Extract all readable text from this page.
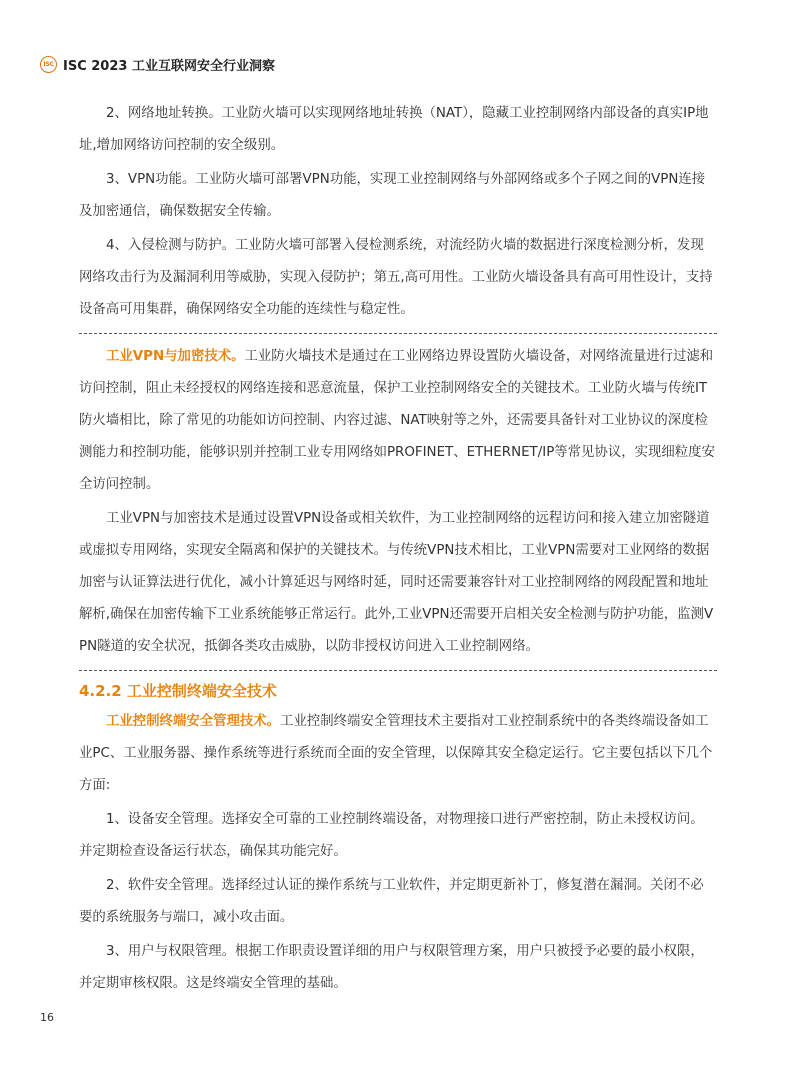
ISC ISC 2023 工业互联网安全行业洞察

2、网络地址转换。工业防火墙可以实现网络地址转换（NAT），隐藏工业控制网络内部设备的真实IP地址,增加网络访问控制的安全级别。

3、VPN功能。工业防火墙可部署VPN功能，实现工业控制网络与外部网络或多个子网之间的VPN连接及加密通信，确保数据安全传输。

4、入侵检测与防护。工业防火墙可部署入侵检测系统，对流经防火墙的数据进行深度检测分析，发现网络攻击行为及漏洞利用等威胁，实现入侵防护；第五,高可用性。工业防火墙设备具有高可用性设计，支持设备高可用集群，确保网络安全功能的连续性与稳定性。

工业VPN与加密技术。工业防火墙技术是通过在工业网络边界设置防火墙设备，对网络流量进行过滤和访问控制，阻止未经授权的网络连接和恶意流量，保护工业控制网络安全的关键技术。工业防火墙与传统IT防火墙相比，除了常见的功能如访问控制、内容过滤、NAT映射等之外，还需要具备针对工业协议的深度检测能力和控制功能，能够识别并控制工业专用网络如PROFINET、ETHERNET/IP等常见协议，实现细粒度安全访问控制。

工业VPN与加密技术是通过设置VPN设备或相关软件，为工业控制网络的远程访问和接入建立加密隧道或虚拟专用网络，实现安全隔离和保护的关键技术。与传统VPN技术相比，工业VPN需要对工业网络的数据加密与认证算法进行优化，减小计算延迟与网络时延，同时还需要兼容针对工业控制网络的网段配置和地址解析,确保在加密传输下工业系统能够正常运行。此外,工业VPN还需要开启相关安全检测与防护功能，监测VPN隧道的安全状况，抵御各类攻击威胁，以防非授权访问进入工业控制网络。

4.2.2 工业控制终端安全技术

工业控制终端安全管理技术。工业控制终端安全管理技术主要指对工业控制系统中的各类终端设备如工业PC、工业服务器、操作系统等进行系统而全面的安全管理，以保障其安全稳定运行。它主要包括以下几个方面:

1、设备安全管理。选择安全可靠的工业控制终端设备，对物理接口进行严密控制，防止未授权访问。并定期检查设备运行状态，确保其功能完好。

2、软件安全管理。选择经过认证的操作系统与工业软件，并定期更新补丁，修复潜在漏洞。关闭不必要的系统服务与端口，减小攻击面。

3、用户与权限管理。根据工作职责设置详细的用户与权限管理方案，用户只被授予必要的最小权限，并定期审核权限。这是终端安全管理的基础。

16
